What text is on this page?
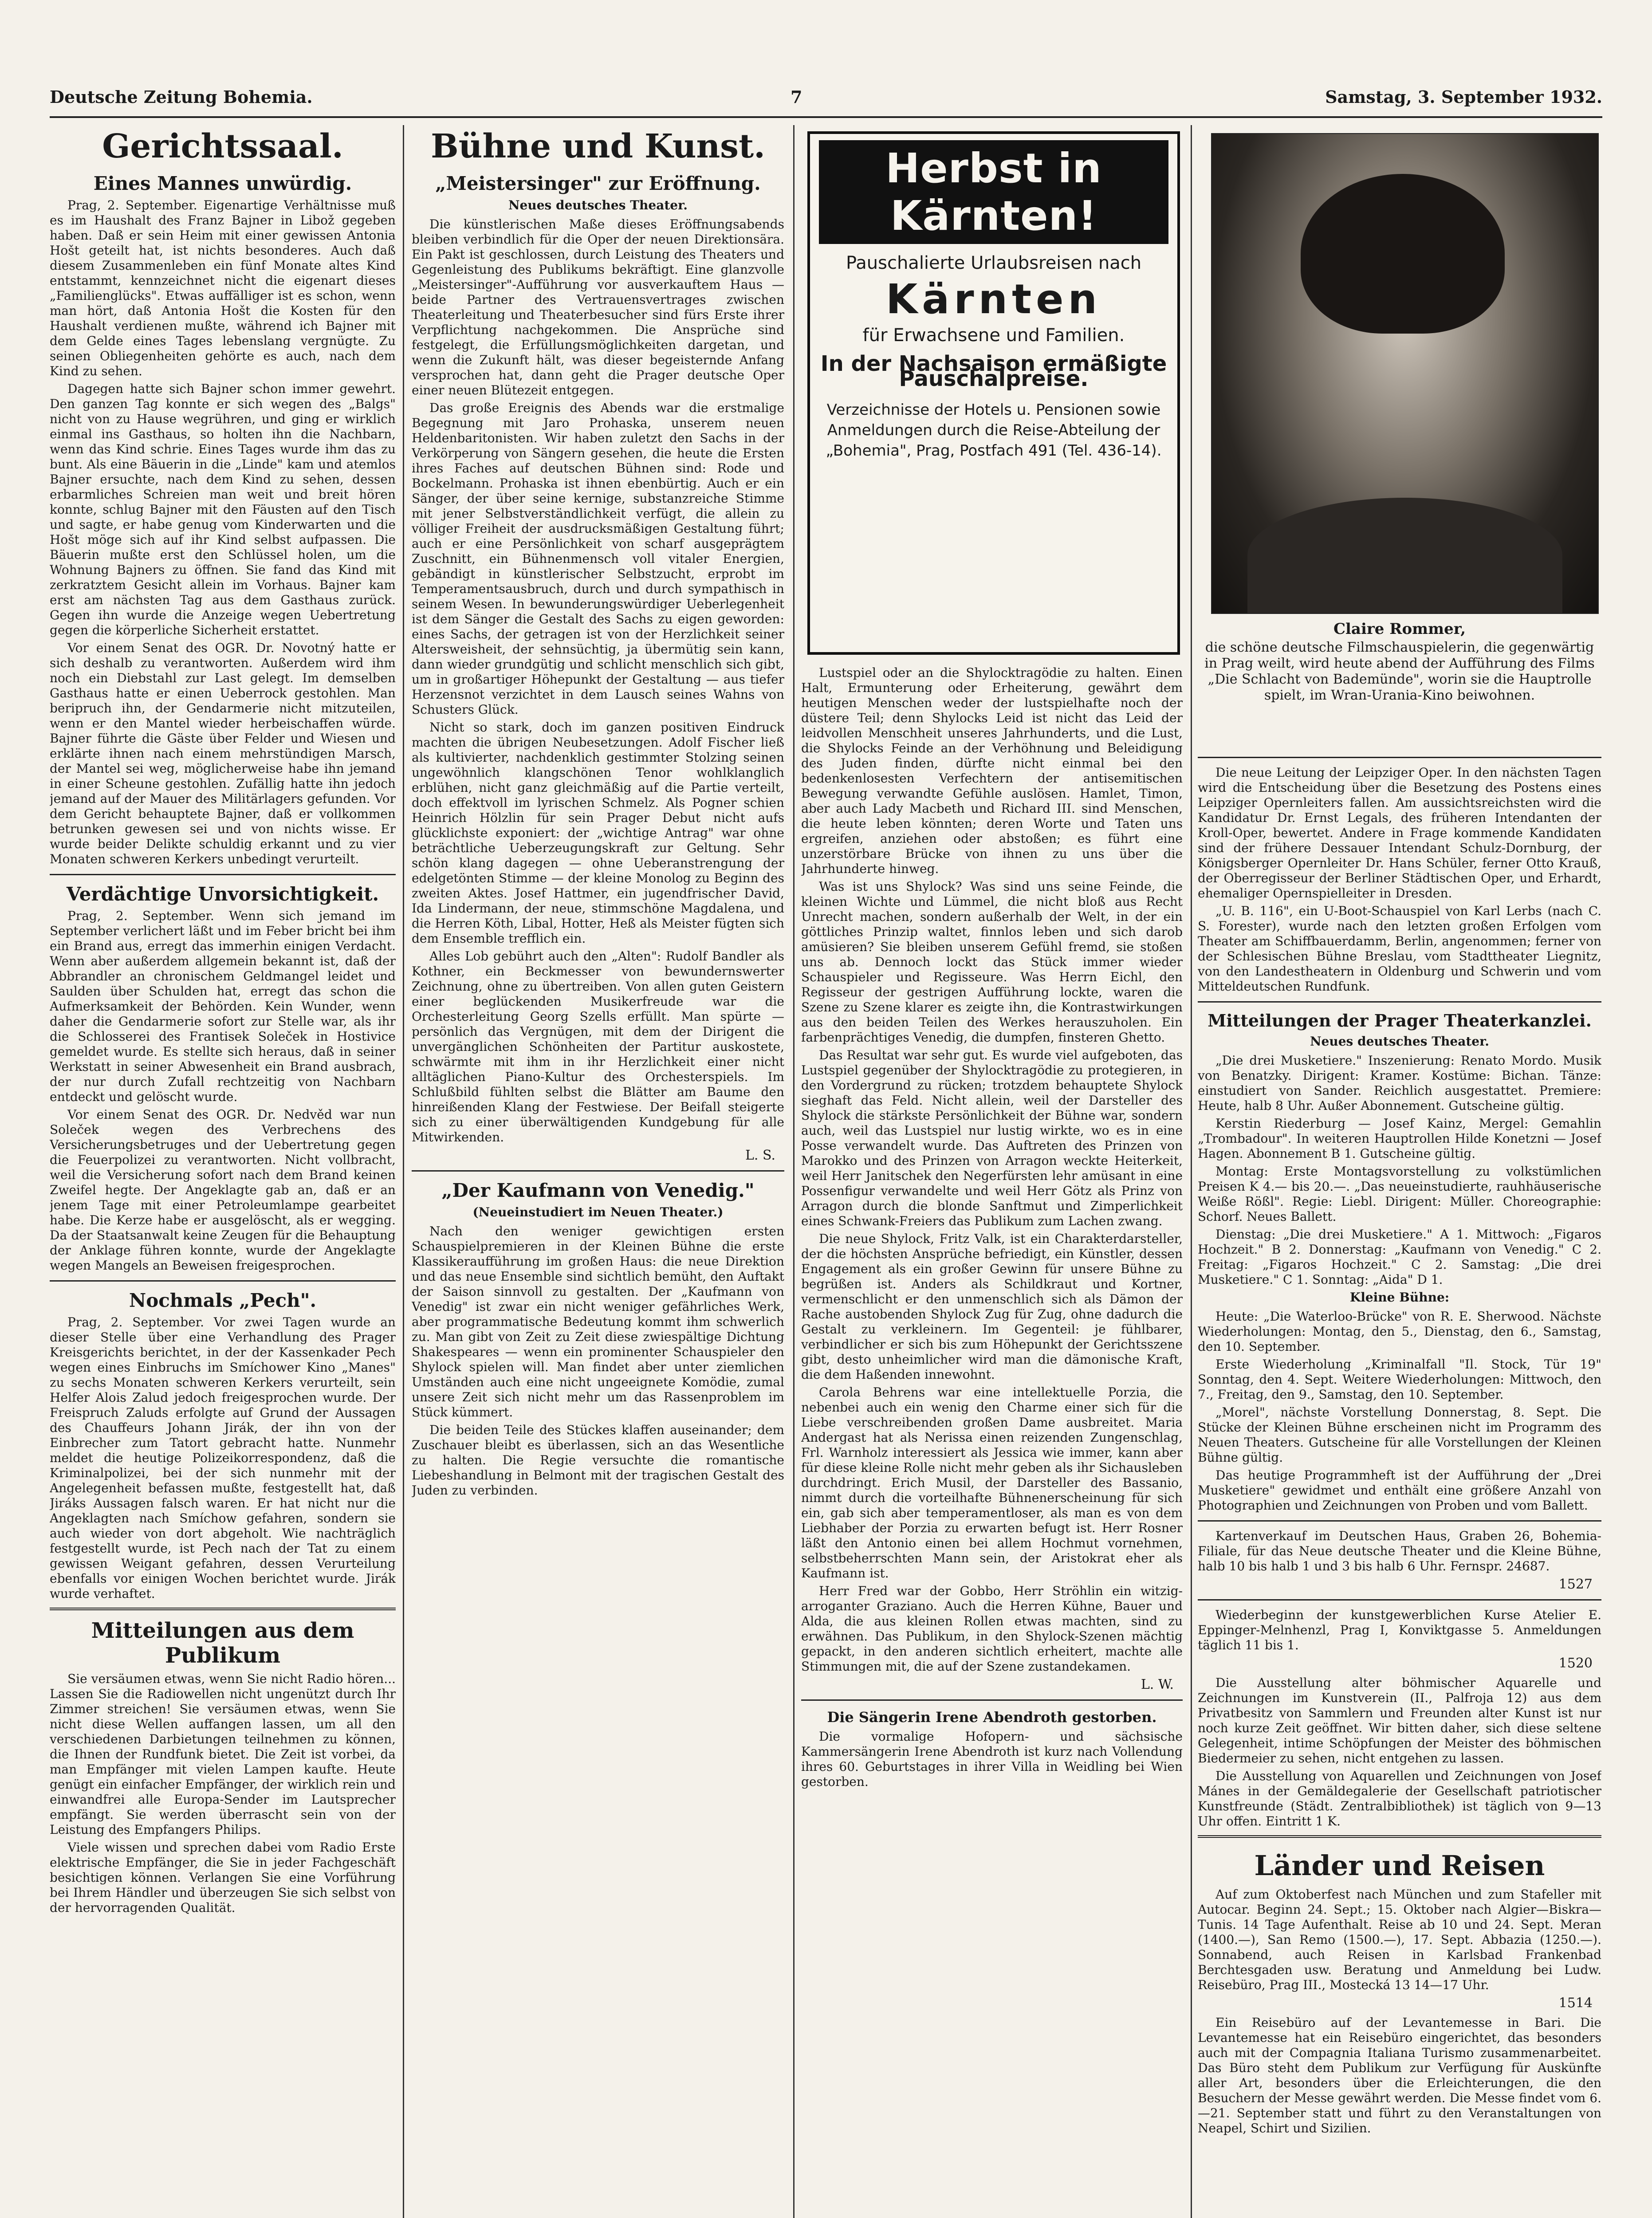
Deutsche Zeitung Bohemia.	7	Samstag, 3. September 1932.
Gerichtssaal.
Eines Mannes unwürdig.

Prag, 2. September. Eigenartige Verhältnisse muß es im Haushalt des Franz Bajner in Libož gegeben haben. Daß er sein Heim mit einer gewissen Antonia Hošt geteilt hat, ist nichts besonderes. Auch daß diesem Zusammenleben ein fünf Monate altes Kind entstammt, kennzeichnet nicht die eigenart dieses „Familienglücks". Etwas auffälliger ist es schon, wenn man hört, daß Antonia Hošt die Kosten für den Haushalt verdienen mußte, während ich Bajner mit dem Gelde eines Tages lebenslang vergnügte. Zu seinen Obliegenheiten gehörte es auch, nach dem Kind zu sehen.

Dagegen hatte sich Bajner schon immer gewehrt. Den ganzen Tag konnte er sich wegen des „Balgs" nicht von zu Hause wegrühren, und ging er wirklich einmal ins Gasthaus, so holten ihn die Nachbarn, wenn das Kind schrie. Eines Tages wurde ihm das zu bunt. Als eine Bäuerin in die „Linde" kam und atemlos Bajner ersuchte, nach dem Kind zu sehen, dessen erbarmliches Schreien man weit und breit hören konnte, schlug Bajner mit den Fäusten auf den Tisch und sagte, er habe genug vom Kinderwarten und die Hošt möge sich auf ihr Kind selbst aufpassen. Die Bäuerin mußte erst den Schlüssel holen, um die Wohnung Bajners zu öffnen. Sie fand das Kind mit zerkratztem Gesicht allein im Vorhaus. Bajner kam erst am nächsten Tag aus dem Gasthaus zurück. Gegen ihn wurde die Anzeige wegen Uebertretung gegen die körperliche Sicherheit erstattet.

Vor einem Senat des OGR. Dr. Novotný hatte er sich deshalb zu verantworten. Außerdem wird ihm noch ein Diebstahl zur Last gelegt. Im demselben Gasthaus hatte er einen Ueberrock gestohlen. Man beripruch ihn, der Gendarmerie nicht mitzuteilen, wenn er den Mantel wieder herbeischaffen würde. Bajner führte die Gäste über Felder und Wiesen und erklärte ihnen nach einem mehrstündigen Marsch, der Mantel sei weg, möglicherweise habe ihn jemand in einer Scheune gestohlen. Zufällig hatte ihn jedoch jemand auf der Mauer des Militärlagers gefunden. Vor dem Gericht behauptete Bajner, daß er vollkommen betrunken gewesen sei und von nichts wisse. Er wurde beider Delikte schuldig erkannt und zu vier Monaten schweren Kerkers unbedingt verurteilt.

Verdächtige Unvorsichtigkeit.

Prag, 2. September. Wenn sich jemand im September verlichert läßt und im Feber bricht bei ihm ein Brand aus, erregt das immerhin einigen Verdacht. Wenn aber außerdem allgemein bekannt ist, daß der Abbrandler an chronischem Geldmangel leidet und Saulden über Schulden hat, erregt das schon die Aufmerksamkeit der Behörden. Kein Wunder, wenn daher die Gendarmerie sofort zur Stelle war, als ihr die Schlosserei des Frantisek Soleček in Hostivice gemeldet wurde. Es stellte sich heraus, daß in seiner Werkstatt in seiner Abwesenheit ein Brand ausbrach, der nur durch Zufall rechtzeitig von Nachbarn entdeckt und gelöscht wurde.

Vor einem Senat des OGR. Dr. Nedvěd war nun Soleček wegen des Verbrechens des Versicherungsbetruges und der Uebertretung gegen die Feuerpolizei zu verantworten. Nicht vollbracht, weil die Versicherung sofort nach dem Brand keinen Zweifel hegte. Der Angeklagte gab an, daß er an jenem Tage mit einer Petroleumlampe gearbeitet habe. Die Kerze habe er ausgelöscht, als er wegging. Da der Staatsanwalt keine Zeugen für die Behauptung der Anklage führen konnte, wurde der Angeklagte wegen Mangels an Beweisen freigesprochen.

Nochmals „Pech".

Prag, 2. September. Vor zwei Tagen wurde an dieser Stelle über eine Verhandlung des Prager Kreisgerichts berichtet, in der der Kassenkader Pech wegen eines Einbruchs im Smíchower Kino „Manes" zu sechs Monaten schweren Kerkers verurteilt, sein Helfer Alois Zalud jedoch freigesprochen wurde. Der Freispruch Zaluds erfolgte auf Grund der Aussagen des Chauffeurs Johann Jirák, der ihn von der Einbrecher zum Tatort gebracht hatte. Nunmehr meldet die heutige Polizeikorrespondenz, daß die Kriminalpolizei, bei der sich nunmehr mit der Angelegenheit befassen mußte, festgestellt hat, daß Jiráks Aussagen falsch waren. Er hat nicht nur die Angeklagten nach Smíchow gefahren, sondern sie auch wieder von dort abgeholt. Wie nachträglich festgestellt wurde, ist Pech nach der Tat zu einem gewissen Weigant gefahren, dessen Verurteilung ebenfalls vor einigen Wochen berichtet wurde. Jirák wurde verhaftet.

Mitteilungen aus dem Publikum

Sie versäumen etwas, wenn Sie nicht Radio hören... Lassen Sie die Radiowellen nicht ungenützt durch Ihr Zimmer streichen! Sie versäumen etwas, wenn Sie nicht diese Wellen auffangen lassen, um all den verschiedenen Darbietungen teilnehmen zu können, die Ihnen der Rundfunk bietet. Die Zeit ist vorbei, da man Empfänger mit vielen Lampen kaufte. Heute genügt ein einfacher Empfänger, der wirklich rein und einwandfrei alle Europa-Sender im Lautsprecher empfängt. Sie werden überrascht sein von der Leistung des Empfangers Philips.

Viele wissen und sprechen dabei vom Radio Erste elektrische Empfänger, die Sie in jeder Fachgeschäft besichtigen können. Verlangen Sie eine Vorführung bei Ihrem Händler und überzeugen Sie sich selbst von der hervorragenden Qualität.

Bühne und Kunst.
„Meistersinger" zur Eröffnung.
Neues deutsches Theater.

Die künstlerischen Maße dieses Eröffnungsabends bleiben verbindlich für die Oper der neuen Direktionsära. Ein Pakt ist geschlossen, durch Leistung des Theaters und Gegenleistung des Publikums bekräftigt. Eine glanzvolle „Meistersinger"-Aufführung vor ausverkauftem Haus — beide Partner des Vertrauensvertrages zwischen Theaterleitung und Theaterbesucher sind fürs Erste ihrer Verpflichtung nachgekommen. Die Ansprüche sind festgelegt, die Erfüllungsmöglichkeiten dargetan, und wenn die Zukunft hält, was dieser begeisternde Anfang versprochen hat, dann geht die Prager deutsche Oper einer neuen Blütezeit entgegen.

Das große Ereignis des Abends war die erstmalige Begegnung mit Jaro Prohaska, unserem neuen Heldenbaritonisten. Wir haben zuletzt den Sachs in der Verkörperung von Sängern gesehen, die heute die Ersten ihres Faches auf deutschen Bühnen sind: Rode und Bockelmann. Prohaska ist ihnen ebenbürtig. Auch er ein Sänger, der über seine kernige, substanzreiche Stimme mit jener Selbstverständlichkeit verfügt, die allein zu völliger Freiheit der ausdrucksmäßigen Gestaltung führt; auch er eine Persönlichkeit von scharf ausgeprägtem Zuschnitt, ein Bühnenmensch voll vitaler Energien, gebändigt in künstlerischer Selbstzucht, erprobt im Temperamentsausbruch, durch und durch sympathisch in seinem Wesen. In bewunderungswürdiger Ueberlegenheit ist dem Sänger die Gestalt des Sachs zu eigen geworden: eines Sachs, der getragen ist von der Herzlichkeit seiner Altersweisheit, der sehnsüchtig, ja übermütig sein kann, dann wieder grundgütig und schlicht menschlich sich gibt, um in großartiger Höhepunkt der Gestaltung — aus tiefer Herzensnot verzichtet in dem Lausch seines Wahns von Schusters Glück.

Nicht so stark, doch im ganzen positiven Eindruck machten die übrigen Neubesetzungen. Adolf Fischer ließ als kultivierter, nachdenklich gestimmter Stolzing seinen ungewöhnlich klangschönen Tenor wohlklanglich erblühen, nicht ganz gleichmäßig auf die Partie verteilt, doch effektvoll im lyrischen Schmelz. Als Pogner schien Heinrich Hölzlin für sein Prager Debut nicht aufs glücklichste exponiert: der „wichtige Antrag" war ohne beträchtliche Ueberzeugungskraft zur Geltung. Sehr schön klang dagegen — ohne Ueberanstrengung der edelgetönten Stimme — der kleine Monolog zu Beginn des zweiten Aktes. Josef Hattmer, ein jugendfrischer David, Ida Lindermann, der neue, stimmschöne Magdalena, und die Herren Köth, Libal, Hotter, Heß als Meister fügten sich dem Ensemble trefflich ein.

Alles Lob gebührt auch den „Alten": Rudolf Bandler als Kothner, ein Beckmesser von bewundernswerter Zeichnung, ohne zu übertreiben. Von allen guten Geistern einer beglückenden Musikerfreude war die Orchesterleitung Georg Szells erfüllt. Man spürte — persönlich das Vergnügen, mit dem der Dirigent die unvergänglichen Schönheiten der Partitur auskostete, schwärmte mit ihm in ihr Herzlichkeit einer nicht alltäglichen Piano-Kultur des Orchesterspiels. Im Schlußbild fühlten selbst die Blätter am Baume den hinreißenden Klang der Festwiese. Der Beifall steigerte sich zu einer überwältigenden Kundgebung für alle Mitwirkenden.

L. S.
„Der Kaufmann von Venedig."
(Neueinstudiert im Neuen Theater.)

Nach den weniger gewichtigen ersten Schauspielpremieren in der Kleinen Bühne die erste Klassikeraufführung im großen Haus: die neue Direktion und das neue Ensemble sind sichtlich bemüht, den Auftakt der Saison sinnvoll zu gestalten. Der „Kaufmann von Venedig" ist zwar ein nicht weniger gefährliches Werk, aber programmatische Bedeutung kommt ihm schwerlich zu. Man gibt von Zeit zu Zeit diese zwiespältige Dichtung Shakespeares — wenn ein prominenter Schauspieler den Shylock spielen will. Man findet aber unter ziemlichen Umständen auch eine nicht ungeeignete Komödie, zumal unsere Zeit sich nicht mehr um das Rassenproblem im Stück kümmert.

Die beiden Teile des Stückes klaffen auseinander; dem Zuschauer bleibt es überlassen, sich an das Wesentliche zu halten. Die Regie versuchte die romantische Liebeshandlung in Belmont mit der tragischen Gestalt des Juden zu verbinden.

Herbst in Kärnten!

Pauschalierte Urlaubsreisen nach

Kärnten

für Erwachsene und Familien.

In der Nachsaison ermäßigte Pauschalpreise.

Verzeichnisse der Hotels u. Pensionen sowie Anmeldungen durch die Reise-Abteilung der „Bohemia", Prag, Postfach 491 (Tel. 436-14).

Lustspiel oder an die Shylocktragödie zu halten. Einen Halt, Ermunterung oder Erheiterung, gewährt dem heutigen Menschen weder der lustspielhafte noch der düstere Teil; denn Shylocks Leid ist nicht das Leid der leidvollen Menschheit unseres Jahrhunderts, und die Lust, die Shylocks Feinde an der Verhöhnung und Beleidigung des Juden finden, dürfte nicht einmal bei den bedenkenlosesten Verfechtern der antisemitischen Bewegung verwandte Gefühle auslösen. Hamlet, Timon, aber auch Lady Macbeth und Richard III. sind Menschen, die heute leben könnten; deren Worte und Taten uns ergreifen, anziehen oder abstoßen; es führt eine unzerstörbare Brücke von ihnen zu uns über die Jahrhunderte hinweg.

Was ist uns Shylock? Was sind uns seine Feinde, die kleinen Wichte und Lümmel, die nicht bloß aus Recht Unrecht machen, sondern außerhalb der Welt, in der ein göttliches Prinzip waltet, finnlos leben und sich darob amüsieren? Sie bleiben unserem Gefühl fremd, sie stoßen uns ab. Dennoch lockt das Stück immer wieder Schauspieler und Regisseure. Was Herrn Eichl, den Regisseur der gestrigen Aufführung lockte, waren die Szene zu Szene klarer es zeigte ihn, die Kontrastwirkungen aus den beiden Teilen des Werkes herauszuholen. Ein farbenprächtiges Venedig, die dumpfen, finsteren Ghetto.

Das Resultat war sehr gut. Es wurde viel aufgeboten, das Lustspiel gegenüber der Shylocktragödie zu protegieren, in den Vordergrund zu rücken; trotzdem behauptete Shylock sieghaft das Feld. Nicht allein, weil der Darsteller des Shylock die stärkste Persönlichkeit der Bühne war, sondern auch, weil das Lustspiel nur lustig wirkte, wo es in eine Posse verwandelt wurde. Das Auftreten des Prinzen von Marokko und des Prinzen von Arragon weckte Heiterkeit, weil Herr Janitschek den Negerfürsten lehr amüsant in eine Possenfigur verwandelte und weil Herr Götz als Prinz von Arragon durch die blonde Sanftmut und Zimperlichkeit eines Schwank-Freiers das Publikum zum Lachen zwang.

Die neue Shylock, Fritz Valk, ist ein Charakterdarsteller, der die höchsten Ansprüche befriedigt, ein Künstler, dessen Engagement als ein großer Gewinn für unsere Bühne zu begrüßen ist. Anders als Schildkraut und Kortner, vermenschlicht er den unmenschlich sich als Dämon der Rache austobenden Shylock Zug für Zug, ohne dadurch die Gestalt zu verkleinern. Im Gegenteil: je fühlbarer, verbindlicher er sich bis zum Höhepunkt der Gerichtsszene gibt, desto unheimlicher wird man die dämonische Kraft, die dem Haßenden innewohnt.

Carola Behrens war eine intellektuelle Porzia, die nebenbei auch ein wenig den Charme einer sich für die Liebe verschreibenden großen Dame ausbreitet. Maria Andergast hat als Nerissa einen reizenden Zungenschlag, Frl. Warnholz interessiert als Jessica wie immer, kann aber für diese kleine Rolle nicht mehr geben als ihr Sichausleben durchdringt. Erich Musil, der Darsteller des Bassanio, nimmt durch die vorteilhafte Bühnenerscheinung für sich ein, gab sich aber temperamentloser, als man es von dem Liebhaber der Porzia zu erwarten befugt ist. Herr Rosner läßt den Antonio einen bei allem Hochmut vornehmen, selbstbeherrschten Mann sein, der Aristokrat eher als Kaufmann ist.

Herr Fred war der Gobbo, Herr Ströhlin ein witzig-arroganter Graziano. Auch die Herren Kühne, Bauer und Alda, die aus kleinen Rollen etwas machten, sind zu erwähnen. Das Publikum, in den Shylock-Szenen mächtig gepackt, in den anderen sichtlich erheitert, machte alle Stimmungen mit, die auf der Szene zustandekamen.

L. W.
Die Sängerin Irene Abendroth gestorben.

Die vormalige Hofopern- und sächsische Kammersängerin Irene Abendroth ist kurz nach Vollendung ihres 60. Geburtstages in ihrer Villa in Weidling bei Wien gestorben.

Claire Rommer,
die schöne deutsche Filmschauspielerin, die gegenwärtig in Prag weilt, wird heute abend der Aufführung des Films „Die Schlacht von Bademünde", worin sie die Hauptrolle spielt, im Wran-Urania-Kino beiwohnen.

Die neue Leitung der Leipziger Oper. In den nächsten Tagen wird die Entscheidung über die Besetzung des Postens eines Leipziger Opernleiters fallen. Am aussichtsreichsten wird die Kandidatur Dr. Ernst Legals, des früheren Intendanten der Kroll-Oper, bewertet. Andere in Frage kommende Kandidaten sind der frühere Dessauer Intendant Schulz-Dornburg, der Königsberger Opernleiter Dr. Hans Schüler, ferner Otto Krauß, der Oberregisseur der Berliner Städtischen Oper, und Erhardt, ehemaliger Opernspielleiter in Dresden.

„U. B. 116", ein U-Boot-Schauspiel von Karl Lerbs (nach C. S. Forester), wurde nach den letzten großen Erfolgen vom Theater am Schiffbauerdamm, Berlin, angenommen; ferner von der Schlesischen Bühne Breslau, vom Stadttheater Liegnitz, von den Landestheatern in Oldenburg und Schwerin und vom Mitteldeutschen Rundfunk.

Mitteilungen der Prager Theaterkanzlei.
Neues deutsches Theater.

„Die drei Musketiere." Inszenierung: Renato Mordo. Musik von Benatzky. Dirigent: Kramer. Kostüme: Bichan. Tänze: einstudiert von Sander. Reichlich ausgestattet. Premiere: Heute, halb 8 Uhr. Außer Abonnement. Gutscheine gültig.

Kerstin Riederburg — Josef Kainz, Mergel: Gemahlin „Trombadour". In weiteren Hauptrollen Hilde Konetzni — Josef Hagen. Abonnement B 1. Gutscheine gültig.

Montag: Erste Montagsvorstellung zu volkstümlichen Preisen K 4.— bis 20.—. „Das neueinstudierte, rauhhäuserische Weiße Rößl". Regie: Liebl. Dirigent: Müller. Choreographie: Schorf. Neues Ballett.

Dienstag: „Die drei Musketiere." A 1. Mittwoch: „Figaros Hochzeit." B 2. Donnerstag: „Kaufmann von Venedig." C 2. Freitag: „Figaros Hochzeit." C 2. Samstag: „Die drei Musketiere." C 1. Sonntag: „Aida" D 1.

Kleine Bühne:

Heute: „Die Waterloo-Brücke" von R. E. Sherwood. Nächste Wiederholungen: Montag, den 5., Dienstag, den 6., Samstag, den 10. September.

Erste Wiederholung „Kriminalfall "Il. Stock, Tür 19" Sonntag, den 4. Sept. Weitere Wiederholungen: Mittwoch, den 7., Freitag, den 9., Samstag, den 10. September.

„Morel", nächste Vorstellung Donnerstag, 8. Sept. Die Stücke der Kleinen Bühne erscheinen nicht im Programm des Neuen Theaters. Gutscheine für alle Vorstellungen der Kleinen Bühne gültig.

Das heutige Programmheft ist der Aufführung der „Drei Musketiere" gewidmet und enthält eine größere Anzahl von Photographien und Zeichnungen von Proben und vom Ballett.

Kartenverkauf im Deutschen Haus, Graben 26, Bohemia-Filiale, für das Neue deutsche Theater und die Kleine Bühne, halb 10 bis halb 1 und 3 bis halb 6 Uhr. Fernspr. 24687.

1527

Wiederbeginn der kunstgewerblichen Kurse Atelier E. Eppinger-Melnhenzl, Prag I, Konviktgasse 5. Anmeldungen täglich 11 bis 1.

1520

Die Ausstellung alter böhmischer Aquarelle und Zeichnungen im Kunstverein (II., Palfroja 12) aus dem Privatbesitz von Sammlern und Freunden alter Kunst ist nur noch kurze Zeit geöffnet. Wir bitten daher, sich diese seltene Gelegenheit, intime Schöpfungen der Meister des böhmischen Biedermeier zu sehen, nicht entgehen zu lassen.

Die Ausstellung von Aquarellen und Zeichnungen von Josef Mánes in der Gemäldegalerie der Gesellschaft patriotischer Kunstfreunde (Städt. Zentralbibliothek) ist täglich von 9—13 Uhr offen. Eintritt 1 K.

Länder und Reisen

Auf zum Oktoberfest nach München und zum Stafeller mit Autocar. Beginn 24. Sept.; 15. Oktober nach Algier—Biskra—Tunis. 14 Tage Aufenthalt. Reise ab 10 und 24. Sept. Meran (1400.—), San Remo (1500.—), 17. Sept. Abbazia (1250.—). Sonnabend, auch Reisen in Karlsbad Frankenbad Berchtesgaden usw. Beratung und Anmeldung bei Ludw. Reisebüro, Prag III., Mostecká 13 14—17 Uhr.

1514

Ein Reisebüro auf der Levantemesse in Bari. Die Levantemesse hat ein Reisebüro eingerichtet, das besonders auch mit der Compagnia Italiana Turismo zusammenarbeitet. Das Büro steht dem Publikum zur Verfügung für Auskünfte aller Art, besonders über die Erleichterungen, die den Besuchern der Messe gewährt werden. Die Messe findet vom 6.—21. September statt und führt zu den Veranstaltungen von Neapel, Schirt und Sizilien.
